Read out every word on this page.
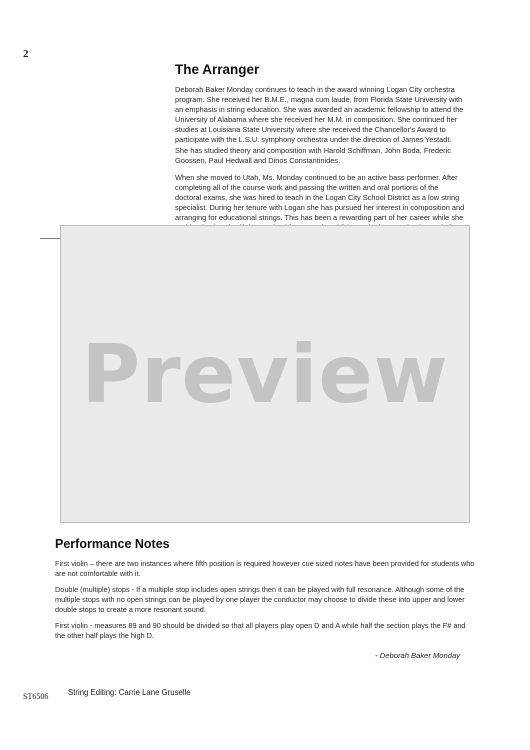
2
The Arranger

Deborah Baker Monday continues to teach in the award winning Logan City orchestra program. She received her B.M.E., magna cum laude, from Florida State University with an emphasis in string education. She was awarded an academic fellowship to attend the University of Alabama where she received her M.M. in composition. She continued her studies at Louisiana State University where she received the Chancellor's Award to participate with the L.S.U. symphony orchestra under the direction of James Yestadt. She has studied theory and composition with Harold Schiffman, John Boda, Frederic Goossen, Paul Hedwall and Dinos Constantinides.

When she moved to Utah, Ms. Monday continued to be an active bass performer. After completing all of the course work and passing the written and oral portions of the doctoral exams, she was hired to teach in the Logan City School District as a low string specialist. During her tenure with Logan she has pursued her interest in composition and arranging for educational strings. This has been a rewarding part of her career while she

Preview
Performance Notes

First violin – there are two instances where fifth position is required however cue sized notes have been provided for students who are not comfortable with it.

Double (multiple) stops - If a multiple stop includes open strings then it can be played with full resonance. Although some of the multiple stops with no open strings can be played by one player the conductor may choose to divide these into upper and lower double stops to create a more resonant sound.

First violin - measures 89 and 90 should be divided so that all players play open D and A while half the section plays the F# and the other half plays the high D.

- Deborah Baker Monday
ST6506	String Editing: Carrie Lane Gruselle
